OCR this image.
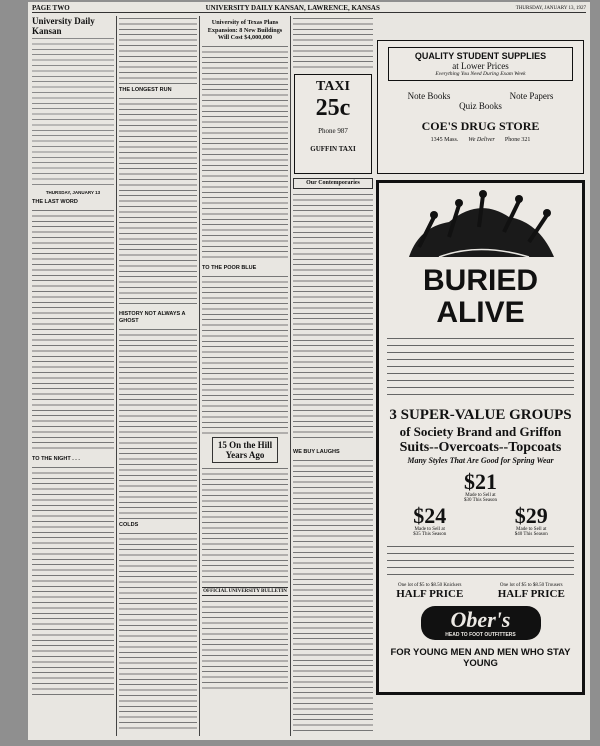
PAGE TWO	UNIVERSITY DAILY KANSAN, LAWRENCE, KANSAS	THURSDAY, JANUARY 13, 1927
University Daily Kansan
THURSDAY, JANUARY 13
THE LAST WORD
TO THE NIGHT . . .
THE LONGEST RUN
HISTORY NOT ALWAYS A GHOST
COLDS
University of Texas Plans Expansion: 8 New Buildings Will Cost $4,000,000
TO THE POOR BLUE
15 On the Hill Years Ago
OFFICIAL UNIVERSITY BULLETIN
TAXI
25c
Phone 987
GUFFIN TAXI
Our Contemporaries
QUALITY STUDENT SUPPLIES
at Lower Prices
Everything You Need During Exam Week
Note Books	Note Papers
Quiz Books
COE'S DRUG STORE
1345 Mass. We Deliver Phone 321
BURIED ALIVE
3 SUPER-VALUE GROUPS
of Society Brand and Griffon
Suits--Overcoats--Topcoats
Many Styles That Are Good for Spring Wear
$21
Made to Sell at
$30 This Season
$24
Made to Sell at
$35 This Season
$29
Made to Sell at
$40 This Season
One lot of $5 to $8.50 Knickers
HALF PRICE
One lot of $5 to $8.50 Trousers
HALF PRICE
Ober's
HEAD TO FOOT OUTFITTERS
FOR YOUNG MEN AND MEN WHO STAY YOUNG
WE BUY LAUGHS
